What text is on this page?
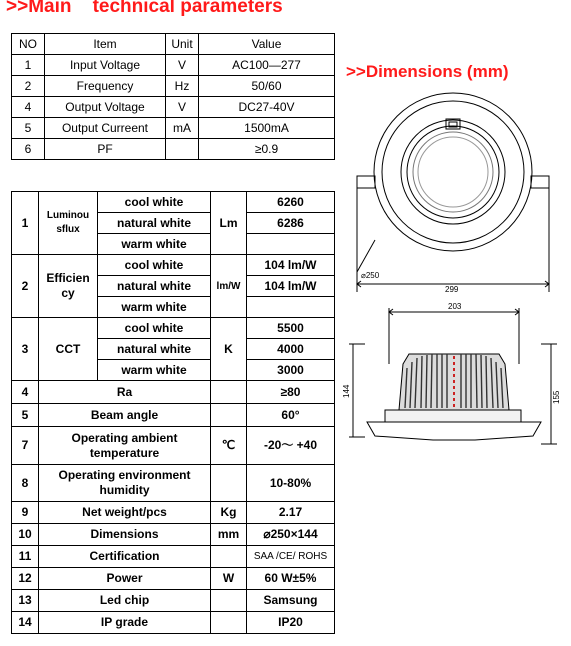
>>Main    technical parameters
>>Dimensions (mm)
NO	Item	Unit	Value
1	Input Voltage	V	AC100—277
2	Frequency	Hz	50/60
4	Output Voltage	V	DC27-40V
5	Output Curreent	mA	1500mA
6	PF		≥0.9
1	Luminou sflux	cool white	Lm	6260
		natural white		6286
		warm white		
2	Efficien cy	cool white	lm/W	104 lm/W
		natural white		104 lm/W
		warm white		
3	CCT	cool white	K	5500
		natural white		4000
		warm white		3000
4	Ra			≥80
5	Beam angle			60°
7	Operating ambient temperature		℃	-20～ +40
8	Operating environment humidity			10-80%
9	Net weight/pcs		Kg	2.17
10	Dimensions		mm	⌀250×144
11	Certification			SAA /CE/ ROHS
12	Power		W	60 W±5%
13	Led chip			Samsung
14	IP grade			IP20
⌀250
299
203
144	155
